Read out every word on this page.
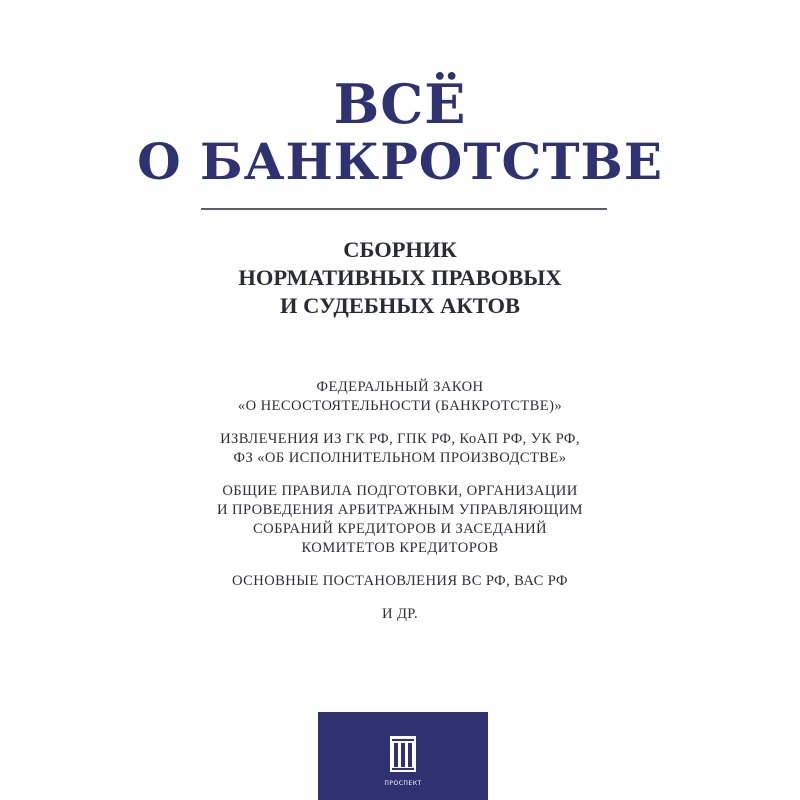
ВСЁ
О БАНКРОТСТВЕ
СБОРНИК
НОРМАТИВНЫХ ПРАВОВЫХ
И СУДЕБНЫХ АКТОВ
ФЕДЕРАЛЬНЫЙ ЗАКОН
«О НЕСОСТОЯТЕЛЬНОСТИ (БАНКРОТСТВЕ)»
ИЗВЛЕЧЕНИЯ ИЗ ГК РФ, ГПК РФ, КоАП РФ, УК РФ,
ФЗ «ОБ ИСПОЛНИТЕЛЬНОМ ПРОИЗВОДСТВЕ»
ОБЩИЕ ПРАВИЛА ПОДГОТОВКИ, ОРГАНИЗАЦИИ
И ПРОВЕДЕНИЯ АРБИТРАЖНЫМ УПРАВЛЯЮЩИМ
СОБРАНИЙ КРЕДИТОРОВ И ЗАСЕДАНИЙ
КОМИТЕТОВ КРЕДИТОРОВ
ОСНОВНЫЕ ПОСТАНОВЛЕНИЯ ВС РФ, ВАС РФ
И ДР.
ПРОСПЕКТ
